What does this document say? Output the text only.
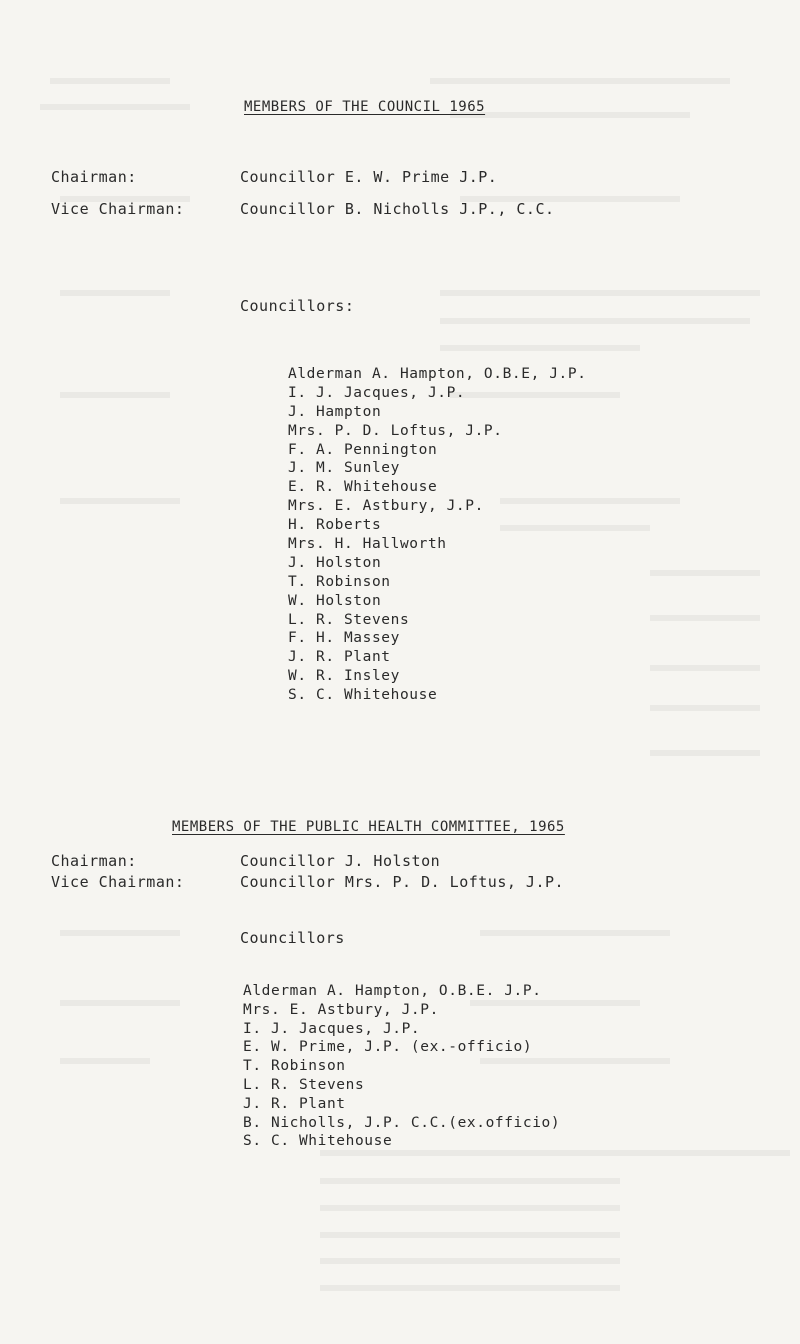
MEMBERS OF THE COUNCIL 1965
Chairman:	Councillor E. W. Prime J.P.
Vice Chairman:	Councillor B. Nicholls J.P., C.C.
Councillors:
Alderman A. Hampton, O.B.E, J.P.
I. J. Jacques, J.P.
J. Hampton
Mrs. P. D. Loftus, J.P.
F. A. Pennington
J. M. Sunley
E. R. Whitehouse
Mrs. E. Astbury, J.P.
H. Roberts
Mrs. H. Hallworth
J. Holston
T. Robinson
W. Holston
L. R. Stevens
F. H. Massey
J. R. Plant
W. R. Insley
S. C. Whitehouse
MEMBERS OF THE PUBLIC HEALTH COMMITTEE, 1965
Chairman:	Councillor J. Holston
Vice Chairman:	Councillor Mrs. P. D. Loftus, J.P.
Councillors
Alderman A. Hampton, O.B.E. J.P.
Mrs. E. Astbury, J.P.
I. J. Jacques, J.P.
E. W. Prime, J.P. (ex.-officio)
T. Robinson
L. R. Stevens
J. R. Plant
B. Nicholls, J.P. C.C.(ex.officio)
S. C. Whitehouse
